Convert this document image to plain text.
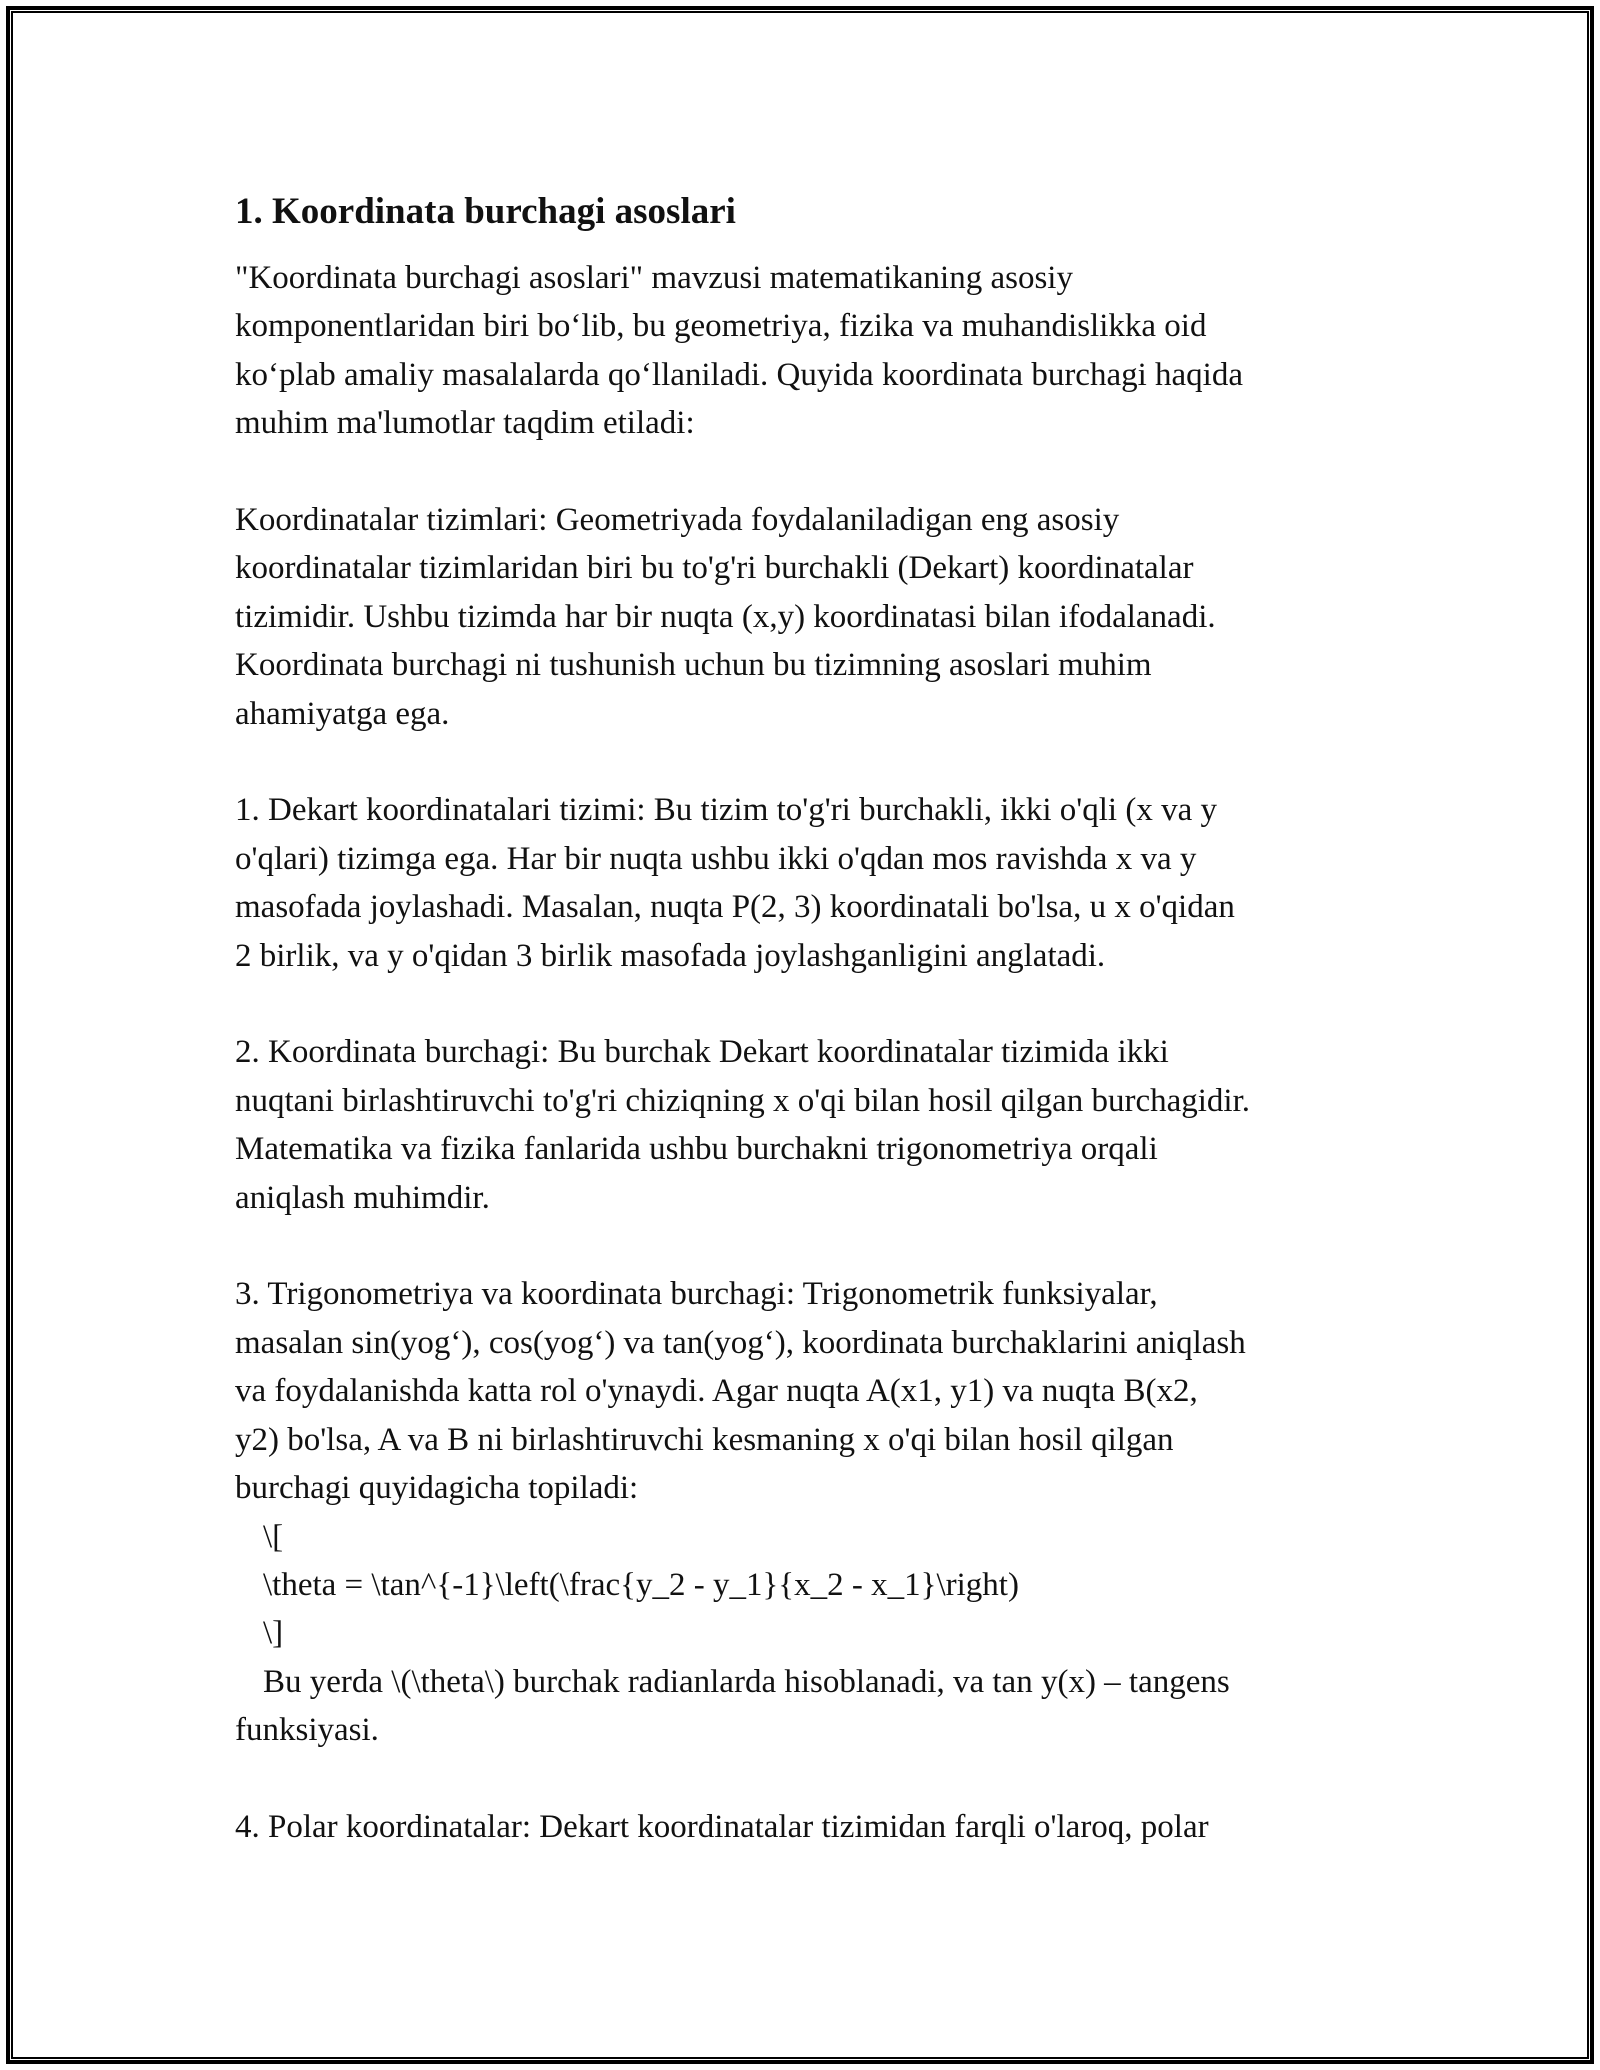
1. Koordinata burchagi asoslari

"Koordinata burchagi asoslari" mavzusi matematikaning asosiy

komponentlaridan biri bo‘lib, bu geometriya, fizika va muhandislikka oid

ko‘plab amaliy masalalarda qo‘llaniladi. Quyida koordinata burchagi haqida

muhim ma'lumotlar taqdim etiladi:

Koordinatalar tizimlari: Geometriyada foydalaniladigan eng asosiy

koordinatalar tizimlaridan biri bu to'g'ri burchakli (Dekart) koordinatalar

tizimidir. Ushbu tizimda har bir nuqta (x,y) koordinatasi bilan ifodalanadi.

Koordinata burchagi ni tushunish uchun bu tizimning asoslari muhim

ahamiyatga ega.

1. Dekart koordinatalari tizimi: Bu tizim to'g'ri burchakli, ikki o'qli (x va y

o'qlari) tizimga ega. Har bir nuqta ushbu ikki o'qdan mos ravishda x va y

masofada joylashadi. Masalan, nuqta P(2, 3) koordinatali bo'lsa, u x o'qidan

2 birlik, va y o'qidan 3 birlik masofada joylashganligini anglatadi.

2. Koordinata burchagi: Bu burchak Dekart koordinatalar tizimida ikki

nuqtani birlashtiruvchi to'g'ri chiziqning x o'qi bilan hosil qilgan burchagidir.

Matematika va fizika fanlarida ushbu burchakni trigonometriya orqali

aniqlash muhimdir.

3. Trigonometriya va koordinata burchagi: Trigonometrik funksiyalar,

masalan sin(yog‘), cos(yog‘) va tan(yog‘), koordinata burchaklarini aniqlash

va foydalanishda katta rol o'ynaydi. Agar nuqta A(x1, y1) va nuqta B(x2,

y2) bo'lsa, A va B ni birlashtiruvchi kesmaning x o'qi bilan hosil qilgan

burchagi quyidagicha topiladi:

\[

\theta = \tan^{-1}\left(\frac{y_2 - y_1}{x_2 - x_1}\right)

\]

Bu yerda \(\theta\) burchak radianlarda hisoblanadi, va tan y(x) – tangens

funksiyasi.

4. Polar koordinatalar: Dekart koordinatalar tizimidan farqli o'laroq, polar
